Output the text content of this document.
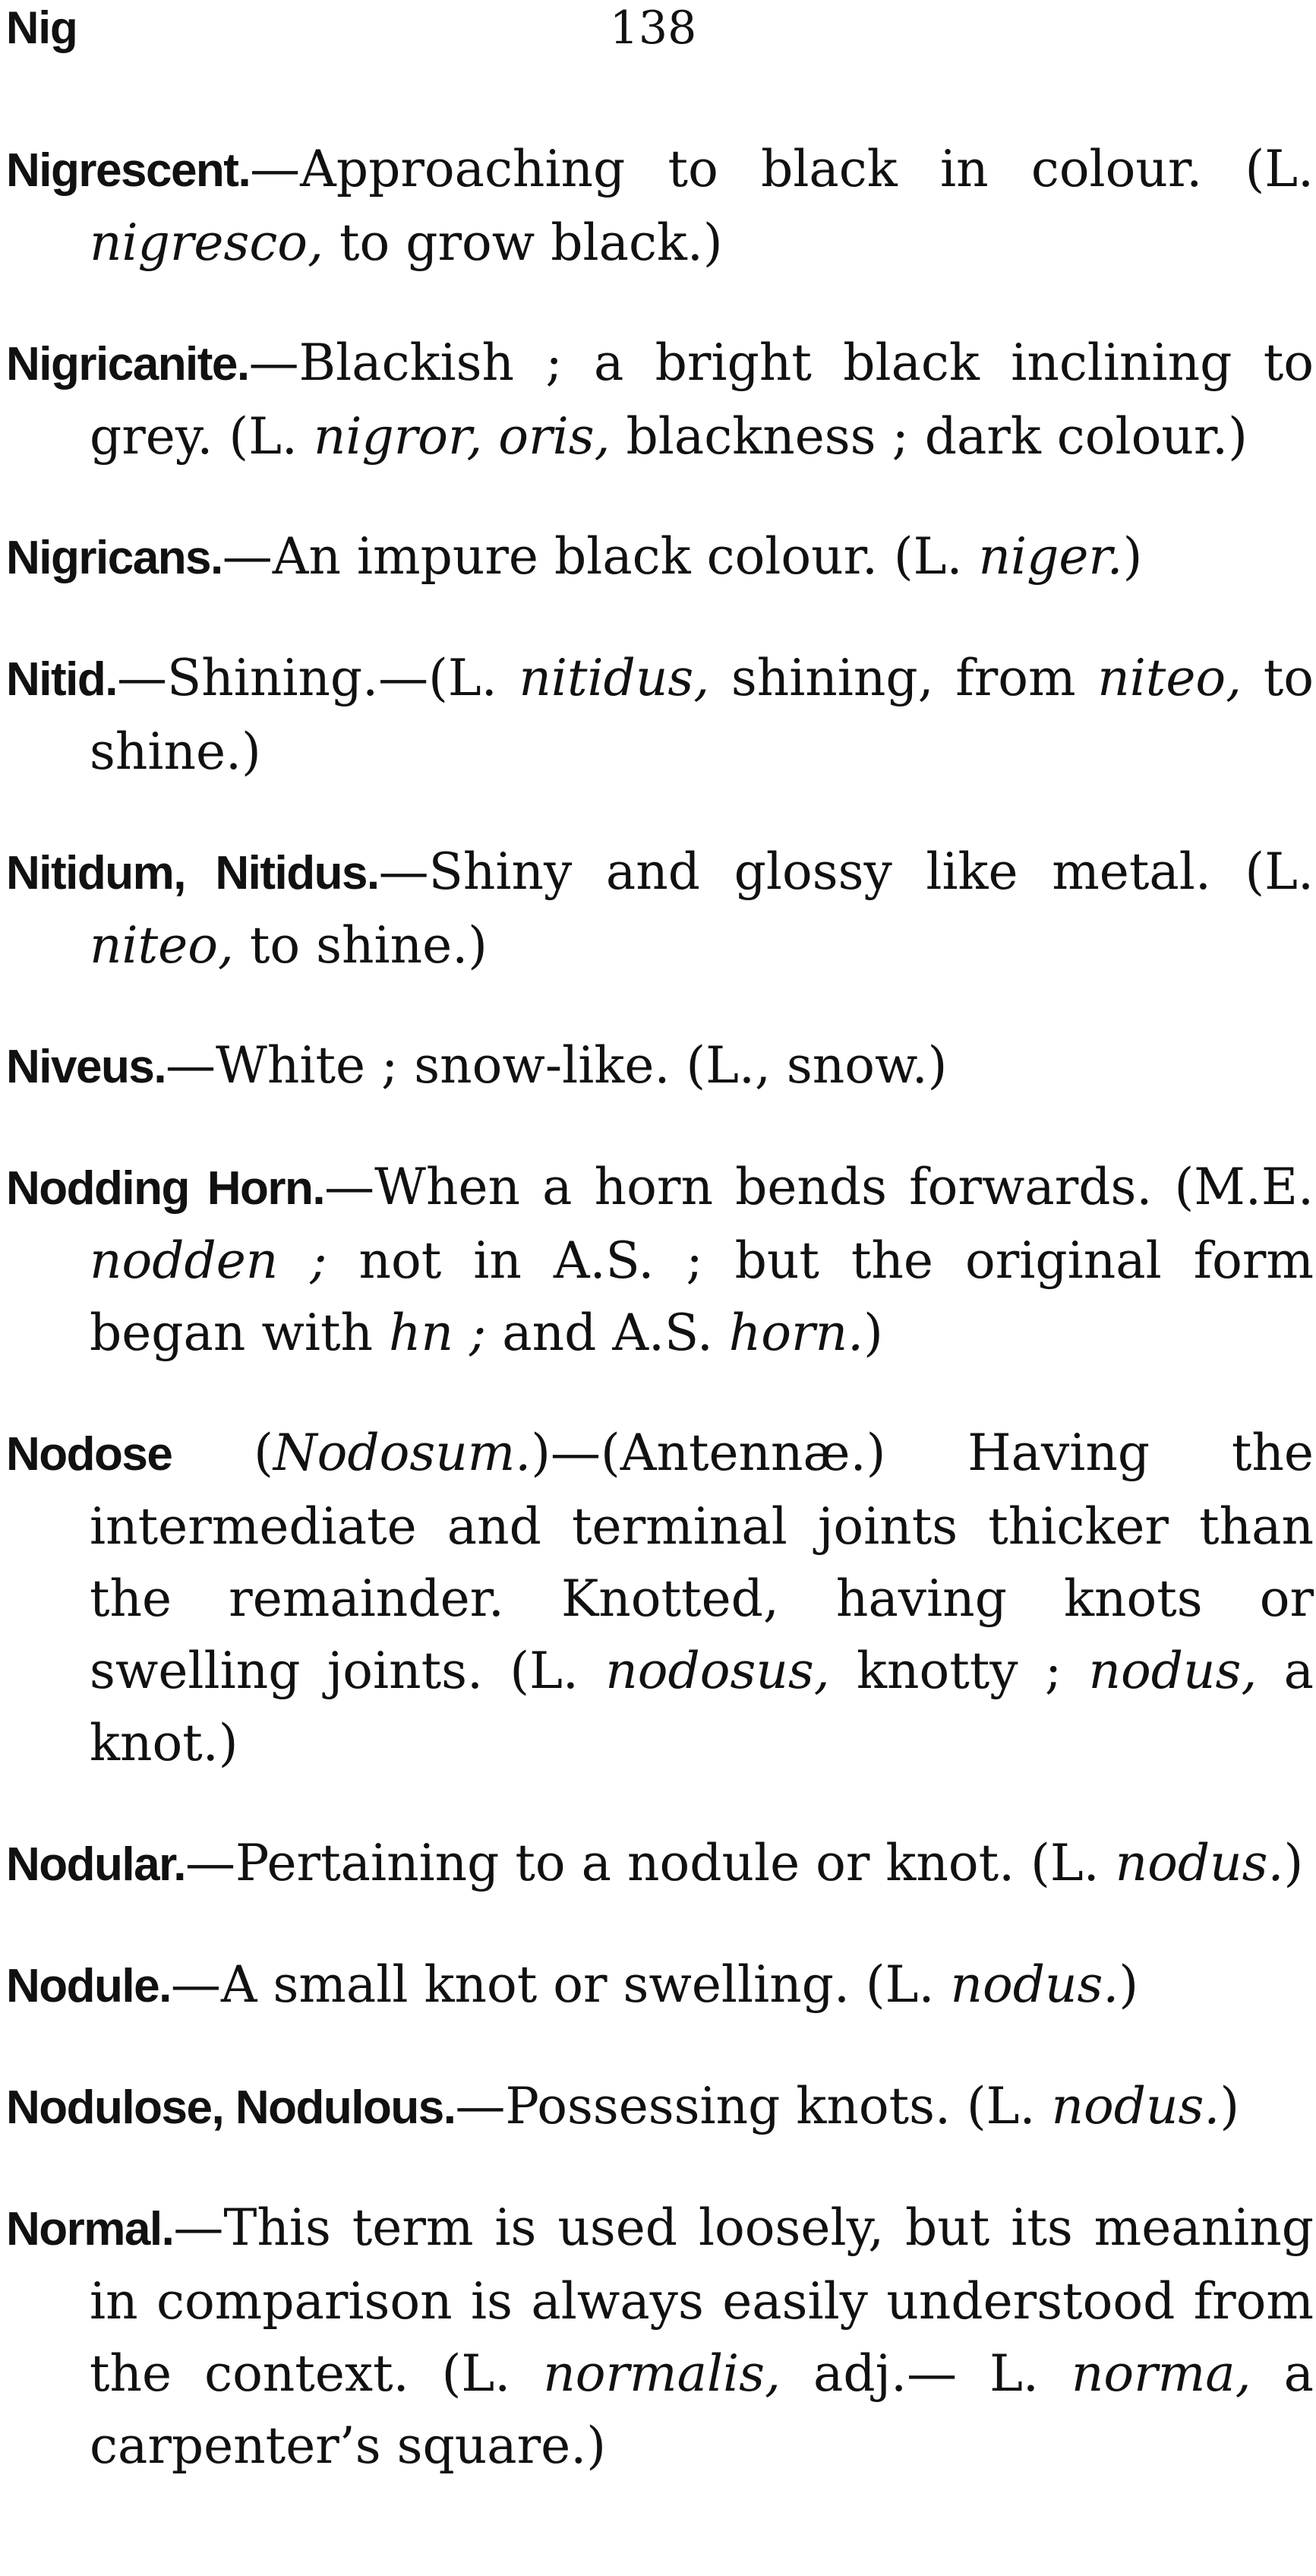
Nig	138

Nigrescent.—Approaching to black in colour. (L. nigresco, to grow black.)

Nigricanite.—Blackish ; a bright black inclining to grey. (L. nigror, oris, blackness ; dark colour.)

Nigricans.—An impure black colour. (L. niger.)

Nitid.—Shining.—(L. nitidus, shining, from niteo, to shine.)

Nitidum, Nitidus.—Shiny and glossy like metal. (L. niteo, to shine.)

Niveus.—White ; snow-like. (L., snow.)

Nodding Horn.—When a horn bends forwards. (M.E. nodden ; not in A.S. ; but the original form began with hn ; and A.S. horn.)

Nodose (Nodosum.)—(Antennæ.) Having the intermediate and terminal joints thicker than the remainder. Knotted, having knots or swelling joints. (L. nodosus, knotty ; nodus, a knot.)

Nodular.—Pertaining to a nodule or knot. (L. nodus.)

Nodule.—A small knot or swelling. (L. nodus.)

Nodulose, Nodulous.—Possessing knots. (L. nodus.)

Normal.—This term is used loosely, but its meaning in comparison is always easily understood from the context. (L. normalis, adj.— L. norma, a carpenter’s square.)
